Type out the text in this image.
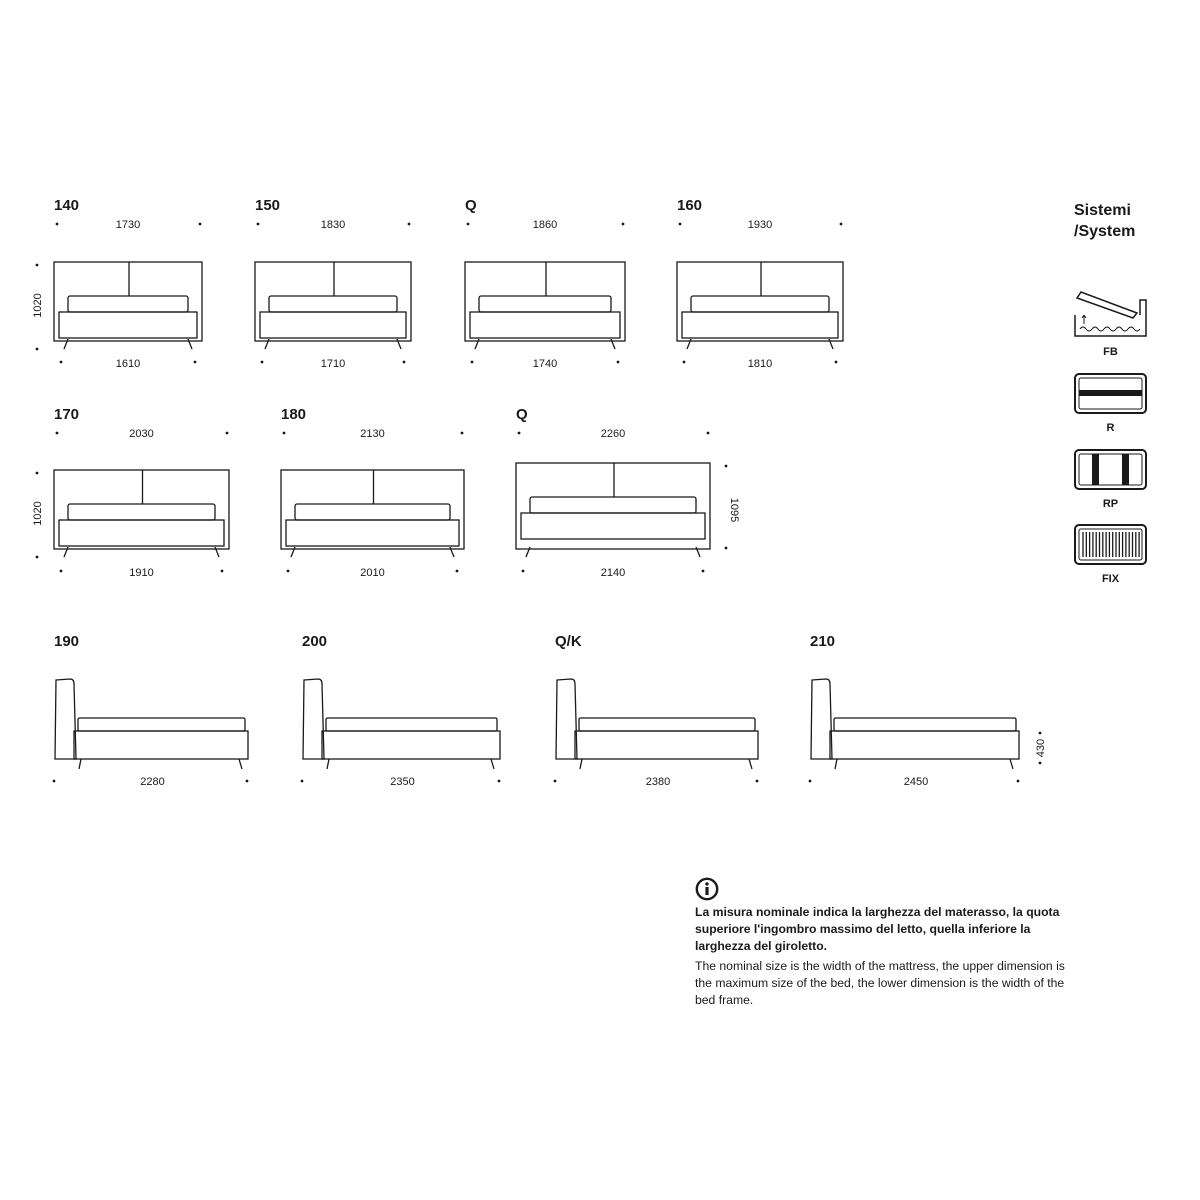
140
1730
1610
1020
150
1830
1710
Q
1860
1740
160
1930
1810
170
2030
1910
1020
180
2130
2010
Q
2260
2140
1095
190
2280
200
2350
Q/K
2380
210
2450
430
FB
R
RP
FIX
Sistemi
/System

La misura nominale indica la larghezza del materasso, la quota superiore l'ingombro massimo del letto, quella inferiore la larghezza del giroletto.

The nominal size is the width of the mattress, the upper dimension is the maximum size of the bed, the lower dimension is the width of the bed frame.
